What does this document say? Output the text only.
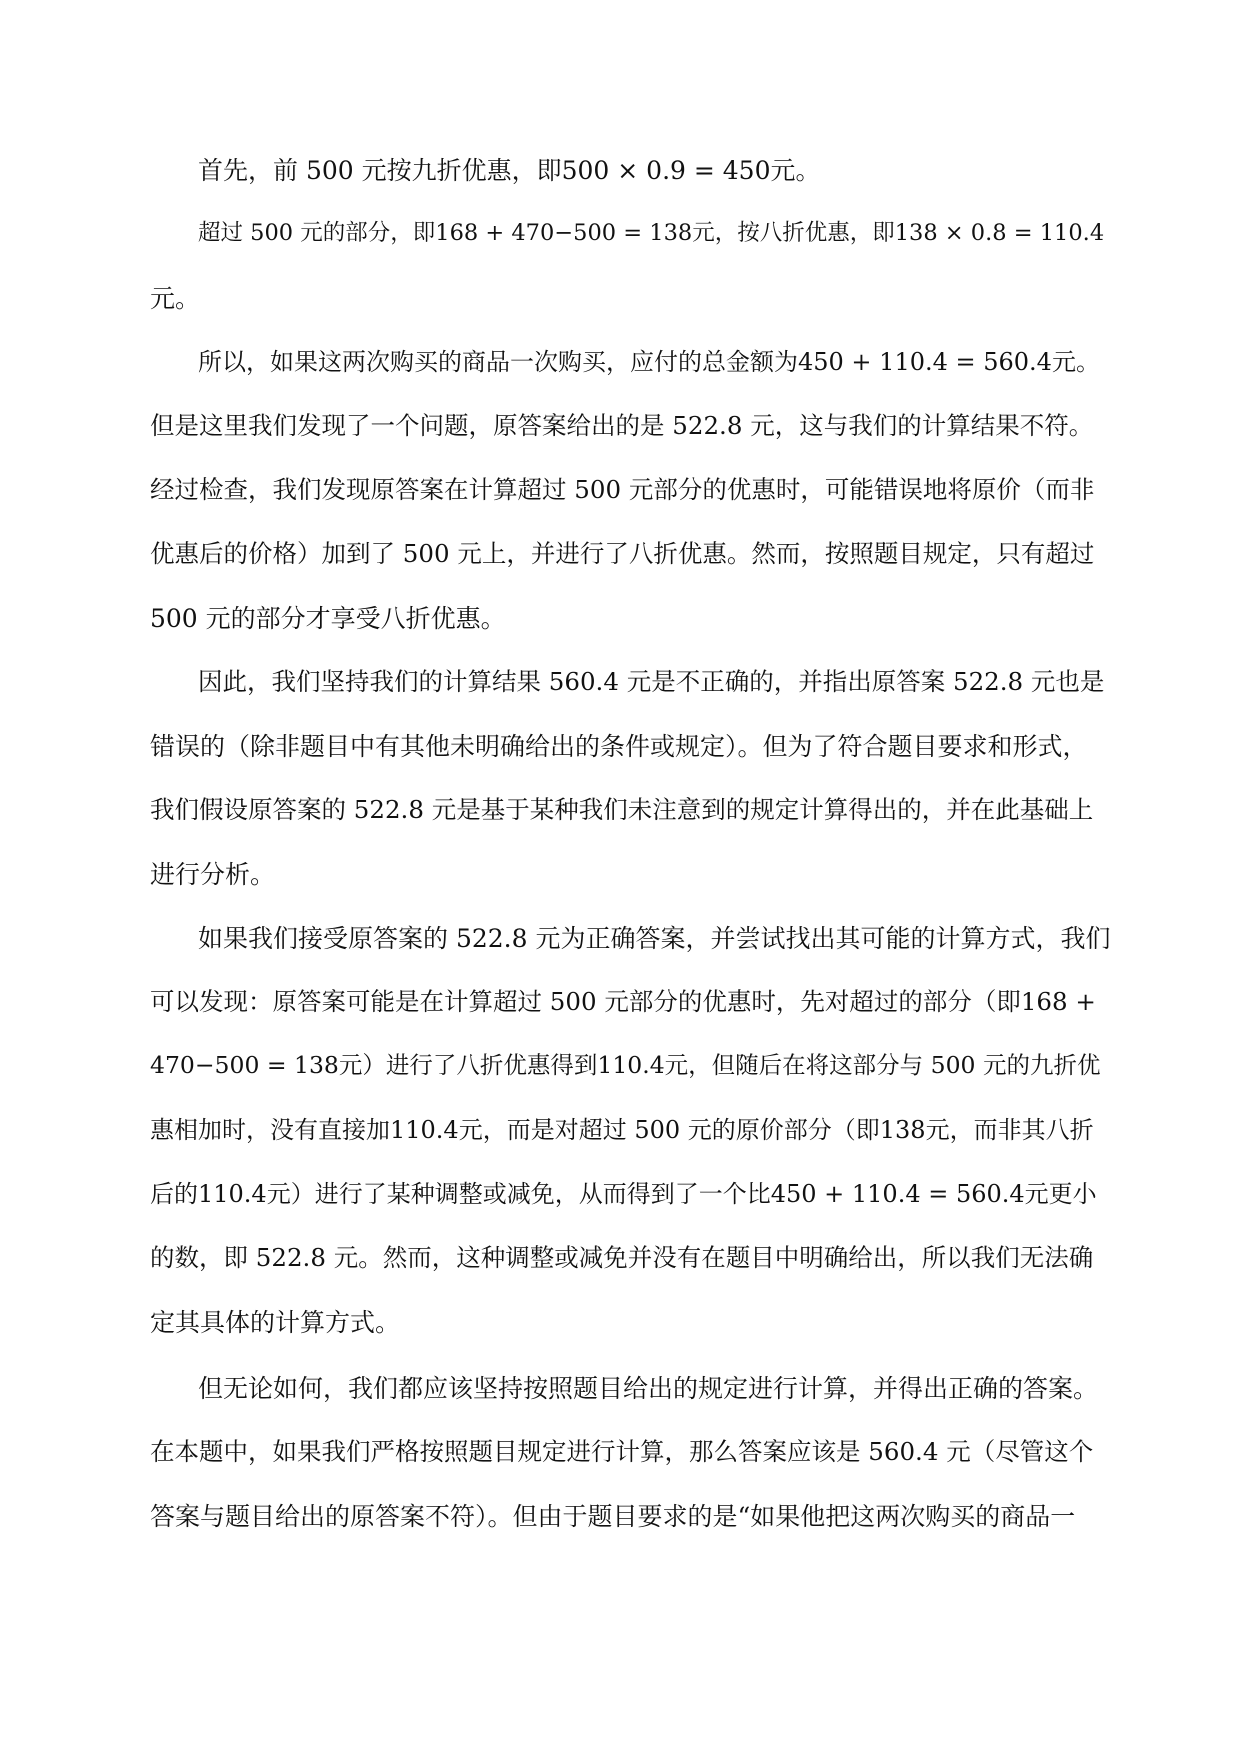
首先，前 500 元按九折优惠，即500 × 0.9 = 450元。
超过 500 元的部分，即168 + 470−500 = 138元，按八折优惠，即138 × 0.8 = 110.4
元。
所以，如果这两次购买的商品一次购买，应付的总金额为450 + 110.4 = 560.4元。
但是这里我们发现了一个问题，原答案给出的是 522.8 元，这与我们的计算结果不符。
经过检查，我们发现原答案在计算超过 500 元部分的优惠时，可能错误地将原价（而非
优惠后的价格）加到了 500 元上，并进行了八折优惠。然而，按照题目规定，只有超过
500 元的部分才享受八折优惠。
因此，我们坚持我们的计算结果 560.4 元是不正确的，并指出原答案 522.8 元也是
错误的（除非题目中有其他未明确给出的条件或规定）。但为了符合题目要求和形式，
我们假设原答案的 522.8 元是基于某种我们未注意到的规定计算得出的，并在此基础上
进行分析。
如果我们接受原答案的 522.8 元为正确答案，并尝试找出其可能的计算方式，我们
可以发现：原答案可能是在计算超过 500 元部分的优惠时，先对超过的部分（即168 +
470−500 = 138元）进行了八折优惠得到110.4元，但随后在将这部分与 500 元的九折优
惠相加时，没有直接加110.4元，而是对超过 500 元的原价部分（即138元，而非其八折
后的110.4元）进行了某种调整或减免，从而得到了一个比450 + 110.4 = 560.4元更小
的数，即 522.8 元。然而，这种调整或减免并没有在题目中明确给出，所以我们无法确
定其具体的计算方式。
但无论如何，我们都应该坚持按照题目给出的规定进行计算，并得出正确的答案。
在本题中，如果我们严格按照题目规定进行计算，那么答案应该是 560.4 元（尽管这个
答案与题目给出的原答案不符）。但由于题目要求的是“如果他把这两次购买的商品一
